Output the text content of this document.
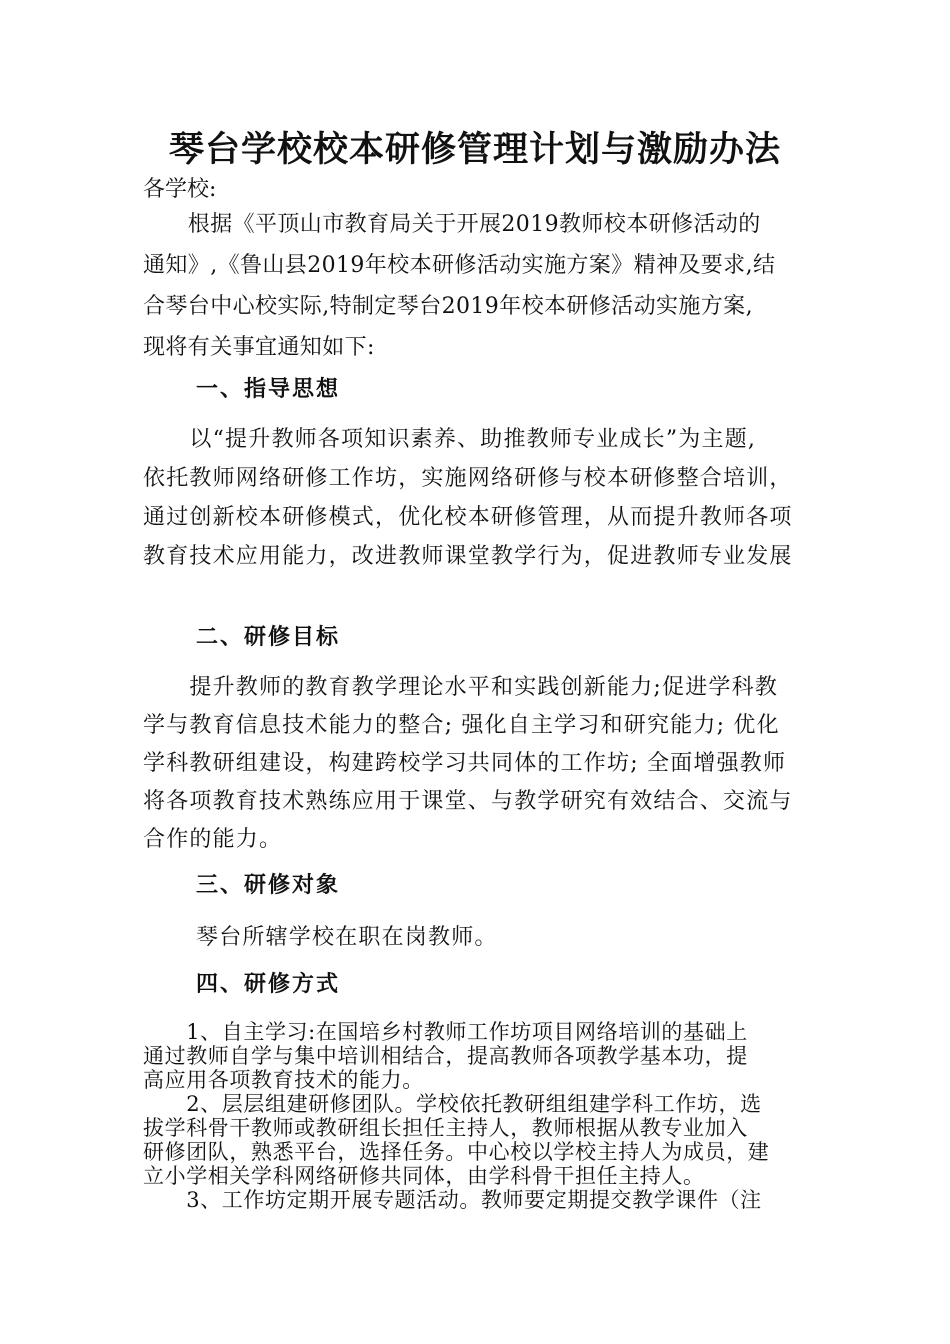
琴台学校校本研修管理计划与激励办法
各学校:

　　根据《平顶山市教育局关于开展2019教师校本研修活动的
通知》,《鲁山县2019年校本研修活动实施方案》精神及要求,结
合琴台中心校实际,特制定琴台2019年校本研修活动实施方案,
现将有关事宜通知如下:

一、指导思想

　　以“提升教师各项知识素养、助推教师专业成长”为主题,
依托教师网络研修工作坊，实施网络研修与校本研修整合培训，
通过创新校本研修模式，优化校本研修管理，从而提升教师各项
教育技术应用能力，改进教师课堂教学行为，促进教师专业发展

二、研修目标

　　提升教师的教育教学理论水平和实践创新能力;促进学科教
学与教育信息技术能力的整合; 强化自主学习和研究能力; 优化
学科教研组建设，构建跨校学习共同体的工作坊; 全面增强教师
将各项教育技术熟练应用于课堂、与教学研究有效结合、交流与
合作的能力。

三、研修对象

琴台所辖学校在职在岗教师。

四、研修方式

　　1、自主学习:在国培乡村教师工作坊项目网络培训的基础上
通过教师自学与集中培训相结合，提高教师各项教学基本功，提
高应用各项教育技术的能力。
　　2、层层组建研修团队。学校依托教研组组建学科工作坊，选
拔学科骨干教师或教研组长担任主持人，教师根据从教专业加入
研修团队，熟悉平台，选择任务。中心校以学校主持人为成员，建
立小学相关学科网络研修共同体，由学科骨干担任主持人。
　　3、工作坊定期开展专题活动。教师要定期提交教学课件（注
